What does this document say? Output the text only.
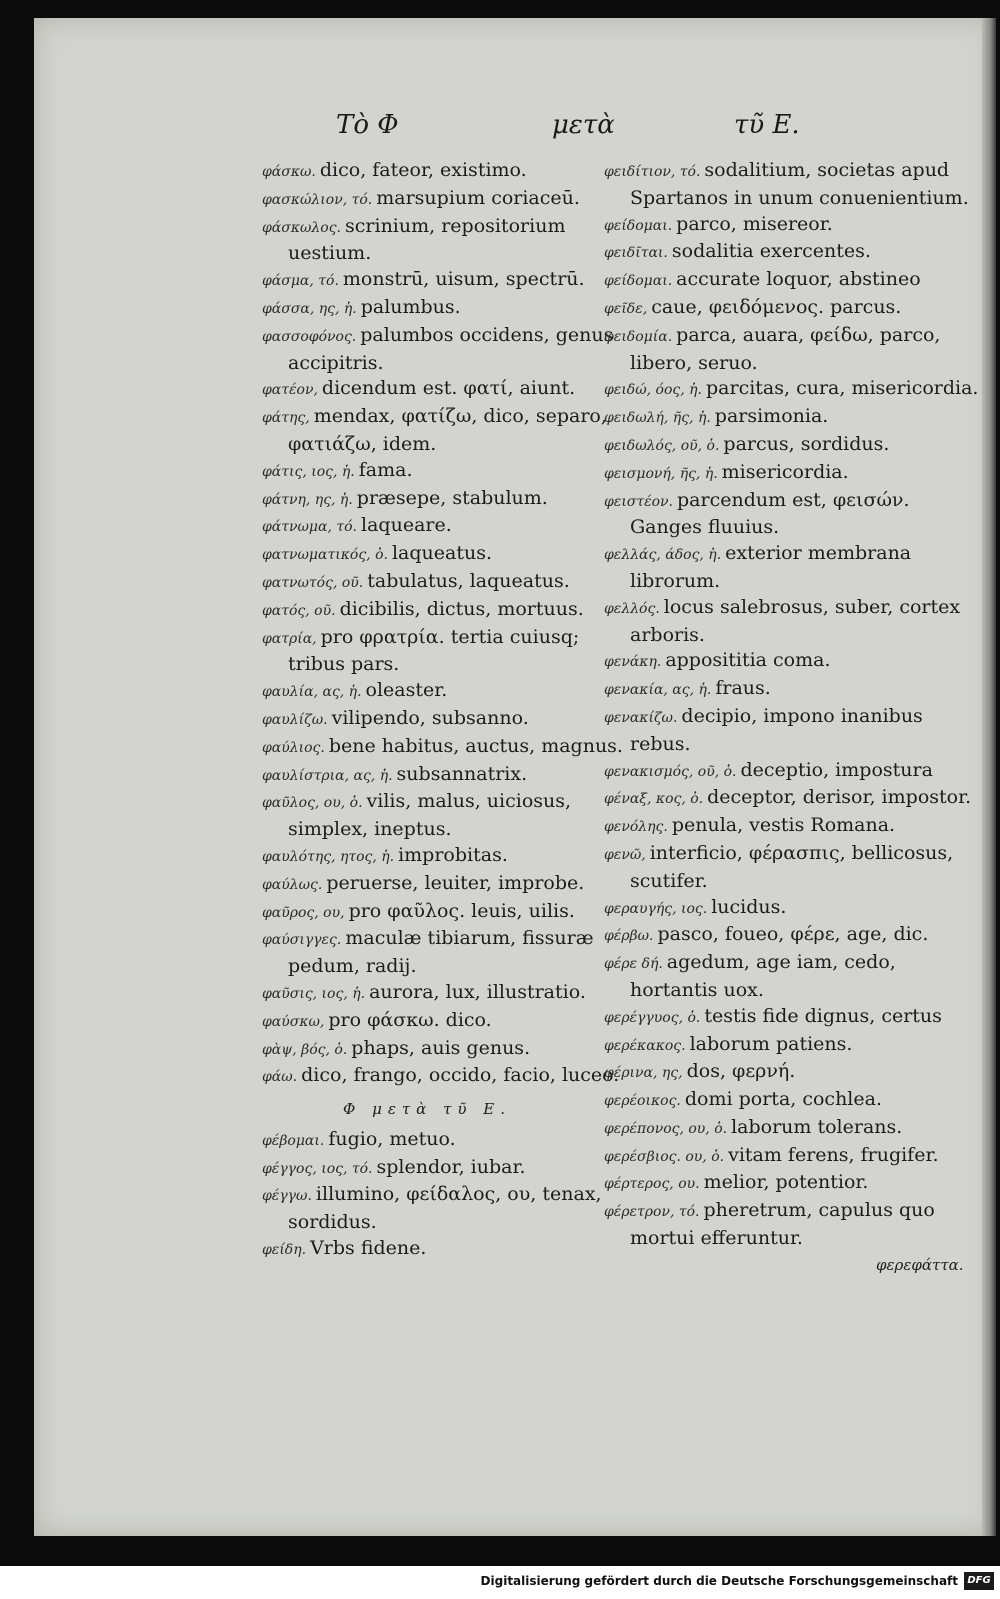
Τὸ Φ	μετὰ	τῦ Ε.

φάσκω. dico, fateor, existimo.

φασκώλιον, τό. marsupium coriaceū.

φάσκωλος. scrinium, repositorium uestium.

φάσμα, τό. monstrū, uisum, spectrū.

φάσσα, ης, ἡ. palumbus.

φασσοφόνος. palumbos occidens, genus accipitris.

φατέον, dicendum est. φατί, aiunt.

φάτης, mendax, φατίζω, dico, separo, φατιάζω, idem.

φάτις, ιος, ἡ. fama.

φάτνη, ης, ἡ. præsepe, stabulum.

φάτνωμα, τό. laqueare.

φατνωματικός, ὁ. laqueatus.

φατνωτός, οῦ. tabulatus, laqueatus.

φατός, οῦ. dicibilis, dictus, mortuus.

φατρία, pro φρατρία. tertia cuiusq; tribus pars.

φαυλία, ας, ἡ. oleaster.

φαυλίζω. vilipendo, subsanno.

φαύλιος. bene habitus, auctus, magnus.

φαυλίστρια, ας, ἡ. subsannatrix.

φαῦλος, ου, ὁ. vilis, malus, uiciosus, simplex, ineptus.

φαυλότης, ητος, ἡ. improbitas.

φαύλως. peruerse, leuiter, improbe.

φαῦρος, ου, pro φαῦλος. leuis, uilis.

φαύσιγγες. maculæ tibiarum, fissuræ pedum, radij.

φαῦσις, ιος, ἡ. aurora, lux, illustratio.

φαύσκω, pro φάσκω. dico.

φὰψ, βός, ὁ. phaps, auis genus.

φάω. dico, frango, occido, facio, luceo.

Φ μετὰ τῦ Ε.

φέβομαι. fugio, metuo.

φέγγος, ιος, τό. splendor, iubar.

φέγγω. illumino, φείδαλος, ου, tenax, sordidus.

φείδη. Vrbs fidene.

φειδίτιον, τό. sodalitium, societas apud Spartanos in unum conuenientium.

φείδομαι. parco, misereor.

φειδῖται. sodalitia exercentes.

φείδομαι. accurate loquor, abstineo

φεῖδε, caue, φειδόμενος. parcus.

φειδομία. parca, auara, φείδω, parco, libero, seruo.

φειδώ, όος, ἡ. parcitas, cura, misericordia.

φειδωλή, ῆς, ἡ. parsimonia.

φειδωλός, οῦ, ὁ. parcus, sordidus.

φεισμονή, ῆς, ἡ. misericordia.

φειστέον. parcendum est, φεισών. Ganges fluuius.

φελλάς, άδος, ἡ. exterior membrana librorum.

φελλός. locus salebrosus, suber, cortex arboris.

φενάκη. apposititia coma.

φενακία, ας, ἡ. fraus.

φενακίζω. decipio, impono inanibus rebus.

φενακισμός, οῦ, ὁ. deceptio, impostura

φέναξ, κος, ὁ. deceptor, derisor, impostor.

φενόλης. penula, vestis Romana.

φενῶ, interficio, φέρασπις, bellicosus, scutifer.

φεραυγής, ιος. lucidus.

φέρβω. pasco, foueo, φέρε, age, dic.

φέρε δή. agedum, age iam, cedo, hortantis uox.

φερέγγυος, ὁ. testis fide dignus, certus

φερέκακος. laborum patiens.

φέρινα, ης, dos, φερνή.

φερέοικος. domi porta, cochlea.

φερέπονος, ου, ὁ. laborum tolerans.

φερέσβιος. ου, ὁ. vitam ferens, frugifer.

φέρτερος, ου. melior, potentior.

φέρετρον, τό. pheretrum, capulus quo mortui efferuntur.

φερεφάττα.
Digitalisierung gefördert durch die Deutsche Forschungsgemeinschaft DFG
